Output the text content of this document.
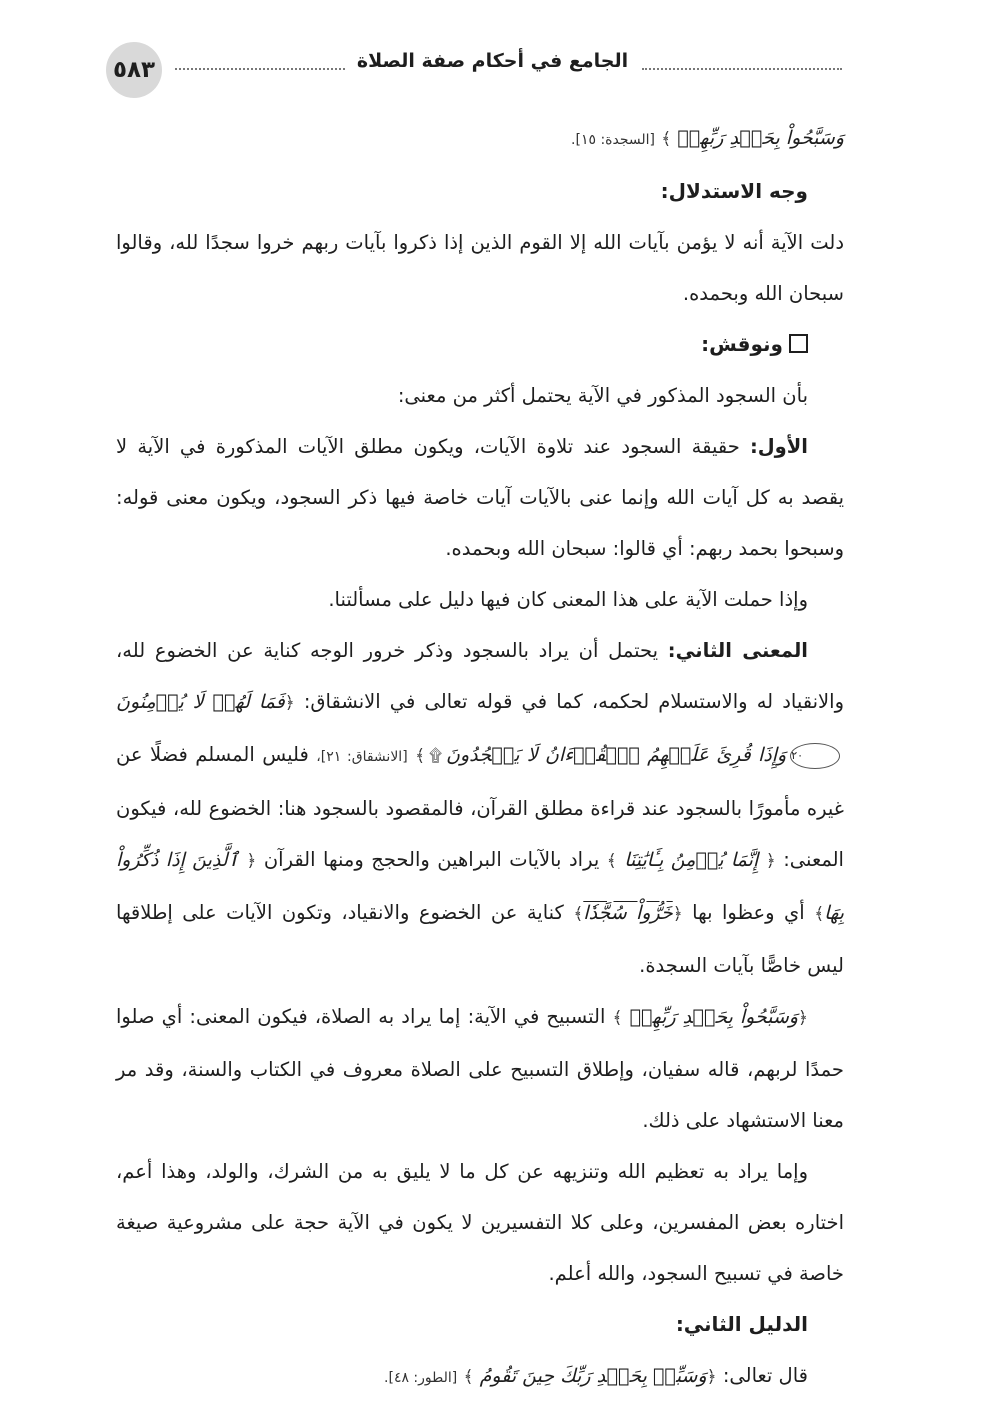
٥٨٣	الجامع في أحكام صفة الصلاة

وَسَبَّحُواْ بِحَمۡدِ رَبِّهِمۡ ﴾ [السجدة: ١٥].

وجه الاستدلال:

دلت الآية أنه لا يؤمن بآيات الله إلا القوم الذين إذا ذكروا بآيات ربهم خروا سجدًا لله، وقالوا سبحان الله وبحمده.

ونوقش:

بأن السجود المذكور في الآية يحتمل أكثر من معنى:

الأول: حقيقة السجود عند تلاوة الآيات، ويكون مطلق الآيات المذكورة في الآية لا يقصد به كل آيات الله وإنما عنى بالآيات آيات خاصة فيها ذكر السجود، ويكون معنى قوله: وسبحوا بحمد ربهم: أي قالوا: سبحان الله وبحمده.

وإذا حملت الآية على هذا المعنى كان فيها دليل على مسألتنا.

المعنى الثاني: يحتمل أن يراد بالسجود وذكر خرور الوجه كناية عن الخضوع لله، والانقياد له والاستسلام لحكمه، كما في قوله تعالى في الانشقاق: ﴿فَمَا لَهُمۡ لَا يُؤۡمِنُونَ٢٠وَإِذَا قُرِئَ عَلَيۡهِمُ ٱلۡقُرۡءَانُ لَا يَسۡجُدُونَ۩﴾ [الانشقاق: ٢١]، فليس المسلم فضلًا عن غيره مأمورًا بالسجود عند قراءة مطلق القرآن، فالمقصود بالسجود هنا: الخضوع لله، فيكون المعنى: ﴿ إِنَّمَا يُؤۡمِنُ بِـَٔايَٰتِنَا ﴾ يراد بالآيات البراهين والحجج ومنها القرآن ﴿ ٱلَّذِينَ إِذَا ذُكِّرُواْ بِهَا﴾ أي وعظوا بها ﴿خَرُّواْ سُجَّدٗا﴾ كناية عن الخضوع والانقياد، وتكون الآيات على إطلاقها ليس خاصًّا بآيات السجدة.

﴿وَسَبَّحُواْ بِحَمۡدِ رَبِّهِمۡ ﴾ التسبيح في الآية: إما يراد به الصلاة، فيكون المعنى: أي صلوا حمدًا لربهم، قاله سفيان، وإطلاق التسبيح على الصلاة معروف في الكتاب والسنة، وقد مر معنا الاستشهاد على ذلك.

وإما يراد به تعظيم الله وتنزيهه عن كل ما لا يليق به من الشرك، والولد، وهذا أعم، اختاره بعض المفسرين، وعلى كلا التفسيرين لا يكون في الآية حجة على مشروعية صيغة خاصة في تسبيح السجود، والله أعلم.

الدليل الثاني:

قال تعالى: ﴿وَسَبِّحۡ بِحَمۡدِ رَبِّكَ حِينَ تَقُومُ ﴾ [الطور: ٤٨].
